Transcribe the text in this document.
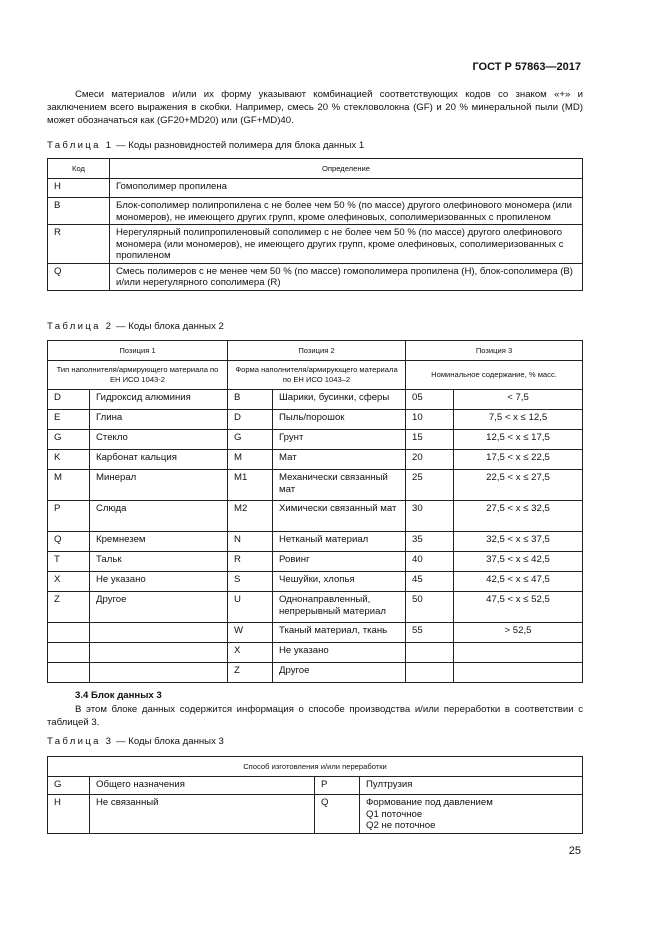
ГОСТ Р 57863—2017
Смеси материалов и/или их форму указывают комбинацией соответствующих кодов со знаком «+» и заключением всего выражения в скобки. Например, смесь 20 % стекловолокна (GF) и 20 % минеральной пыли (MD) может обозначаться как (GF20+MD20) или (GF+MD)40.
Таблица 1 — Коды разновидностей полимера для блока данных 1
Код	Определение
H	Гомополимер пропилена
B	Блок-сополимер полипропилена с не более чем 50 % (по массе) другого олефинового мономера (или мономеров), не имеющего других групп, кроме олефиновых, сополимеризованных с пропиленом
R	Нерегулярный полипропиленовый сополимер с не более чем 50 % (по массе) другого олефинового мономера (или мономеров), не имеющего других групп, кроме олефиновых, сополимеризованных с пропиленом
Q	Смесь полимеров с не менее чем 50 % (по массе) гомополимера пропилена (H), блок-сополимера (B) и/или нерегулярного сополимера (R)
Таблица 2 — Коды блока данных 2
Позиция 1		Позиция 2		Позиция 3	
Тип наполнителя/армирующего материала по ЕН ИСО 1043-2		Форма наполнителя/армирующего материала по ЕН ИСО 1043–2		Номинальное содержание, % масс.	
D	Гидроксид алюминия	B	Шарики, бусинки, сферы	05	< 7,5
E	Глина	D	Пыль/порошок	10	7,5 < x ≤ 12,5
G	Стекло	G	Грунт	15	12,5 < x ≤ 17,5
K	Карбонат кальция	M	Мат	20	17,5 < x ≤ 22,5
M	Минерал	M1	Механически связанный мат	25	22,5 < x ≤ 27,5
P	Слюда	M2	Химически связанный мат	30	27,5 < x ≤ 32,5
Q	Кремнезем	N	Нетканый материал	35	32,5 < x ≤ 37,5
T	Тальк	R	Ровинг	40	37,5 < x ≤ 42,5
X	Не указано	S	Чешуйки, хлопья	45	42,5 < x ≤ 47,5
Z	Другое	U	Однонаправленный, непрерывный материал	50	47,5 < x ≤ 52,5
		W	Тканый материал, ткань	55	> 52,5
		X	Не указано		
		Z	Другое		
3.4 Блок данных 3
В этом блоке данных содержится информация о способе производства и/или переработки в соответствии с таблицей 3.
Таблица 3 — Коды блока данных 3
Способ изготовления и/или переработки			
G	Общего назначения	P	Пултрузия
H	Не связанный	Q	Формование под давлением
Q1 поточное
Q2 не поточное
25
